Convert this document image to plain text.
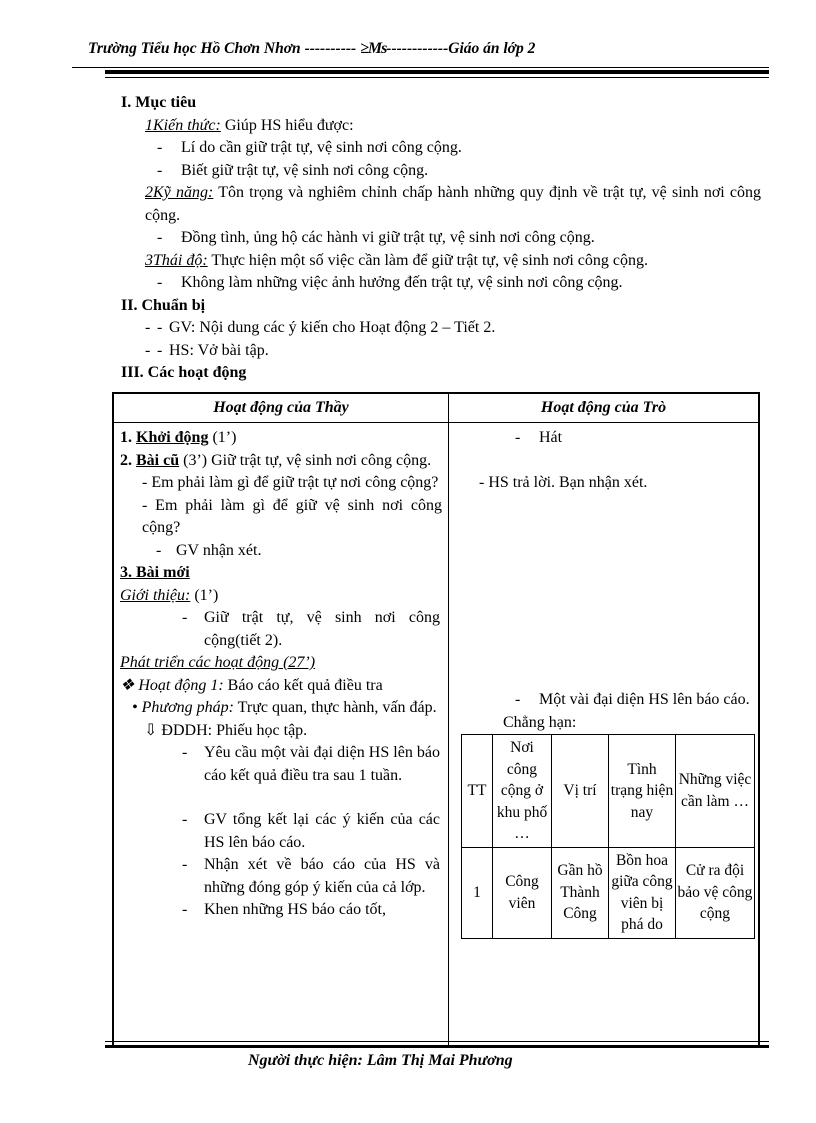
Trường Tiểu học Hồ Chơn Nhơn ---------- ≥Ms------------Giáo án lớp 2
I. Mục tiêu
1Kiến thức: Giúp HS hiểu được:
- Lí do cần giữ trật tự, vệ sinh nơi công cộng.
- Biết giữ trật tự, vệ sinh nơi công cộng.
2Kỹ năng: Tôn trọng và nghiêm chỉnh chấp hành những quy định về trật tự, vệ sinh nơi công cộng.
- Đồng tình, ủng hộ các hành vi giữ trật tự, vệ sinh nơi công cộng.
3Thái độ: Thực hiện một số việc cần làm để giữ trật tự, vệ sinh nơi công cộng.
- Không làm những việc ảnh hưởng đến trật tự, vệ sinh nơi công cộng.
II. Chuẩn bị
- - GV: Nội dung các ý kiến cho Hoạt động 2 – Tiết 2.
- - HS: Vở bài tập.
III. Các hoạt động
Hoạt động của Thầy	Hoạt động của Trò

1. Khởi động (1’)

2. Bài cũ (3’) Giữ trật tự, vệ sinh nơi công cộng.

- Em phải làm gì để giữ trật tự nơi công cộng?

- Em phải làm gì để giữ vệ sinh nơi công cộng?

- GV nhận xét.

3. Bài mới

Giới thiệu: (1’)

- Giữ trật tự, vệ sinh nơi công cộng(tiết 2).

Phát triển các hoạt động (27’)

❖ Hoạt động 1: Báo cáo kết quả điều tra

• Phương pháp: Trực quan, thực hành, vấn đáp.

⇩ ĐDDH: Phiếu học tập.

- Yêu cầu một vài đại diện HS lên báo cáo kết quả điều tra sau 1 tuần.

- GV tổng kết lại các ý kiến của các HS lên báo cáo.

- Nhận xét về báo cáo của HS và những đóng góp ý kiến của cả lớp.

- Khen những HS báo cáo tốt,

- Hát

- HS trả lời. Bạn nhận xét.

- Một vài đại diện HS lên báo cáo.

Chẳng hạn:

TT	Nơi công cộng ở khu phố …	Vị trí	Tình trạng hiện nay	Những việc cần làm …
1	Công viên	Gần hồ Thành Công	Bồn hoa giữa công viên bị phá do	Cử ra đội bảo vệ công cộng
Người thực hiện: Lâm Thị Mai Phương
